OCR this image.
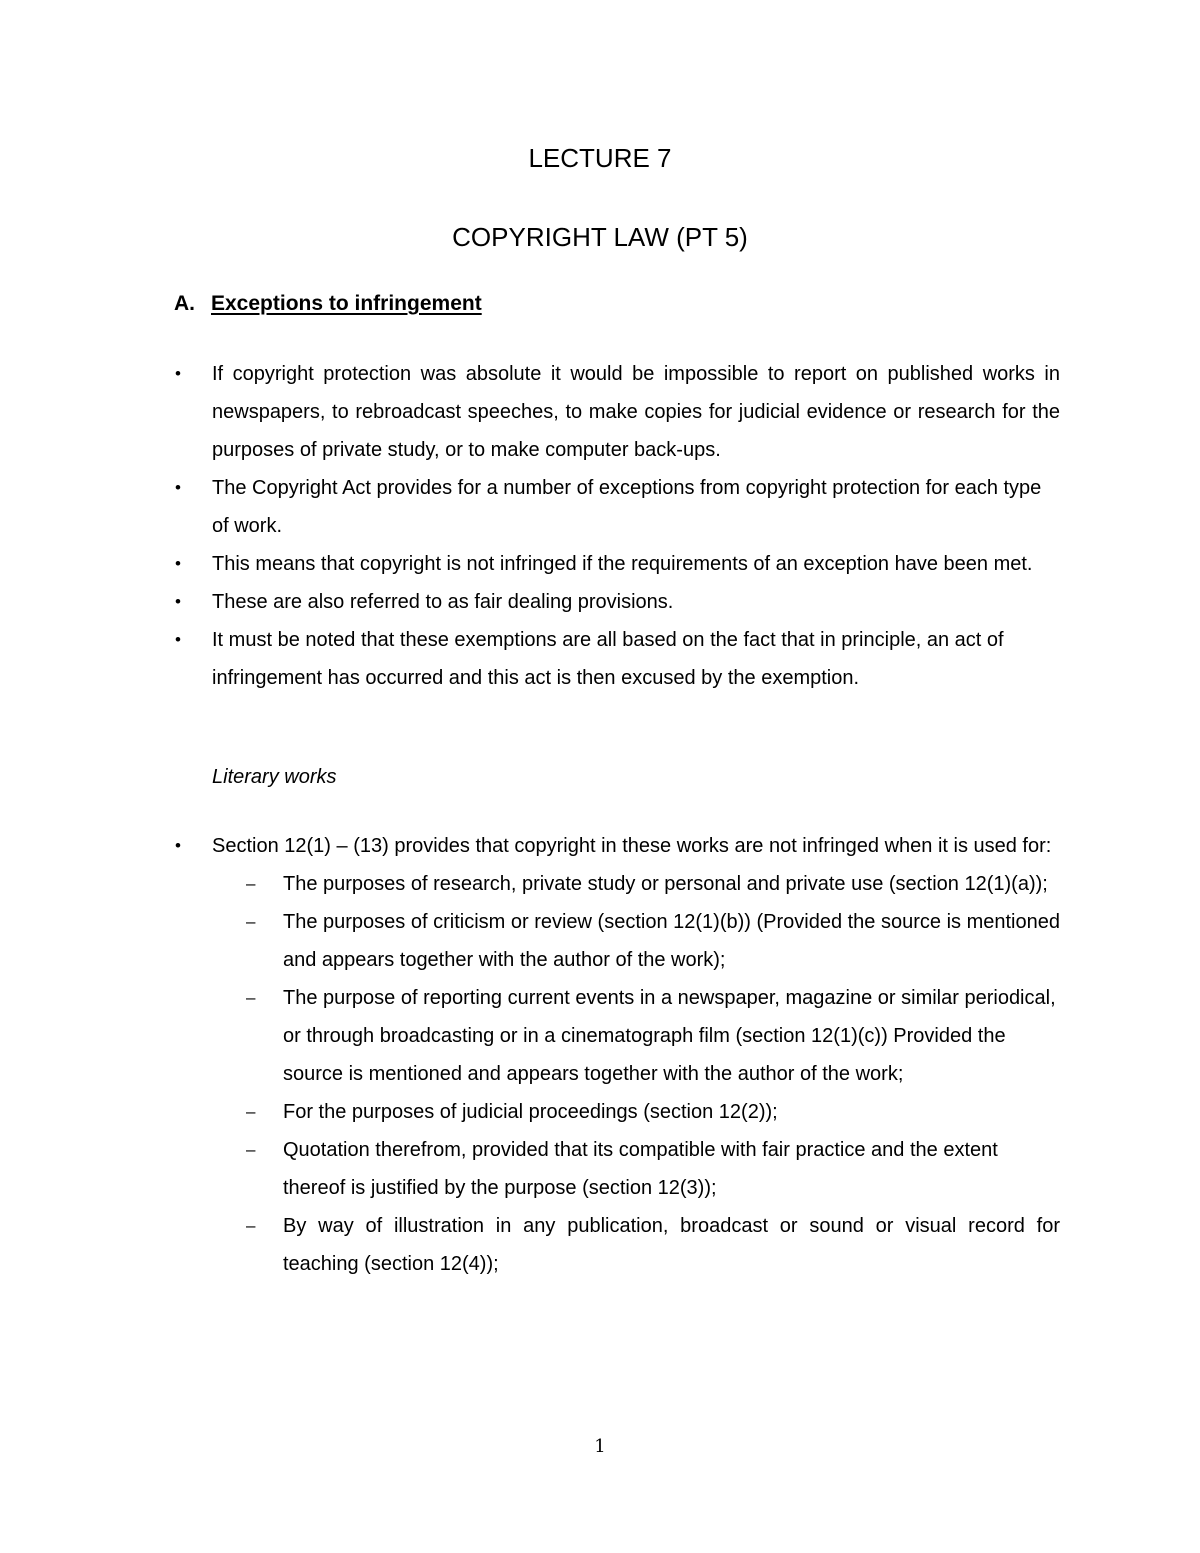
LECTURE 7
COPYRIGHT LAW (PT 5)
A. Exceptions to infringement
• If copyright protection was absolute it would be impossible to report on published works in newspapers, to rebroadcast speeches, to make copies for judicial evidence or research for the purposes of private study, or to make computer back-ups.
• The Copyright Act provides for a number of exceptions from copyright protection for each type of work.
• This means that copyright is not infringed if the requirements of an exception have been met.
• These are also referred to as fair dealing provisions.
• It must be noted that these exemptions are all based on the fact that in principle, an act of infringement has occurred and this act is then excused by the exemption.

Literary works

• Section 12(1) – (13) provides that copyright in these works are not infringed when it is used for:
– The purposes of research, private study or personal and private use (section 12(1)(a));
– The purposes of criticism or review (section 12(1)(b)) (Provided the source is mentioned and appears together with the author of the work);
– The purpose of reporting current events in a newspaper, magazine or similar periodical, or through broadcasting or in a cinematograph film (section 12(1)(c)) Provided the source is mentioned and appears together with the author of the work;
– For the purposes of judicial proceedings (section 12(2));
– Quotation therefrom, provided that its compatible with fair practice and the extent thereof is justified by the purpose (section 12(3));
– By way of illustration in any publication, broadcast or sound or visual record for teaching (section 12(4));
1
